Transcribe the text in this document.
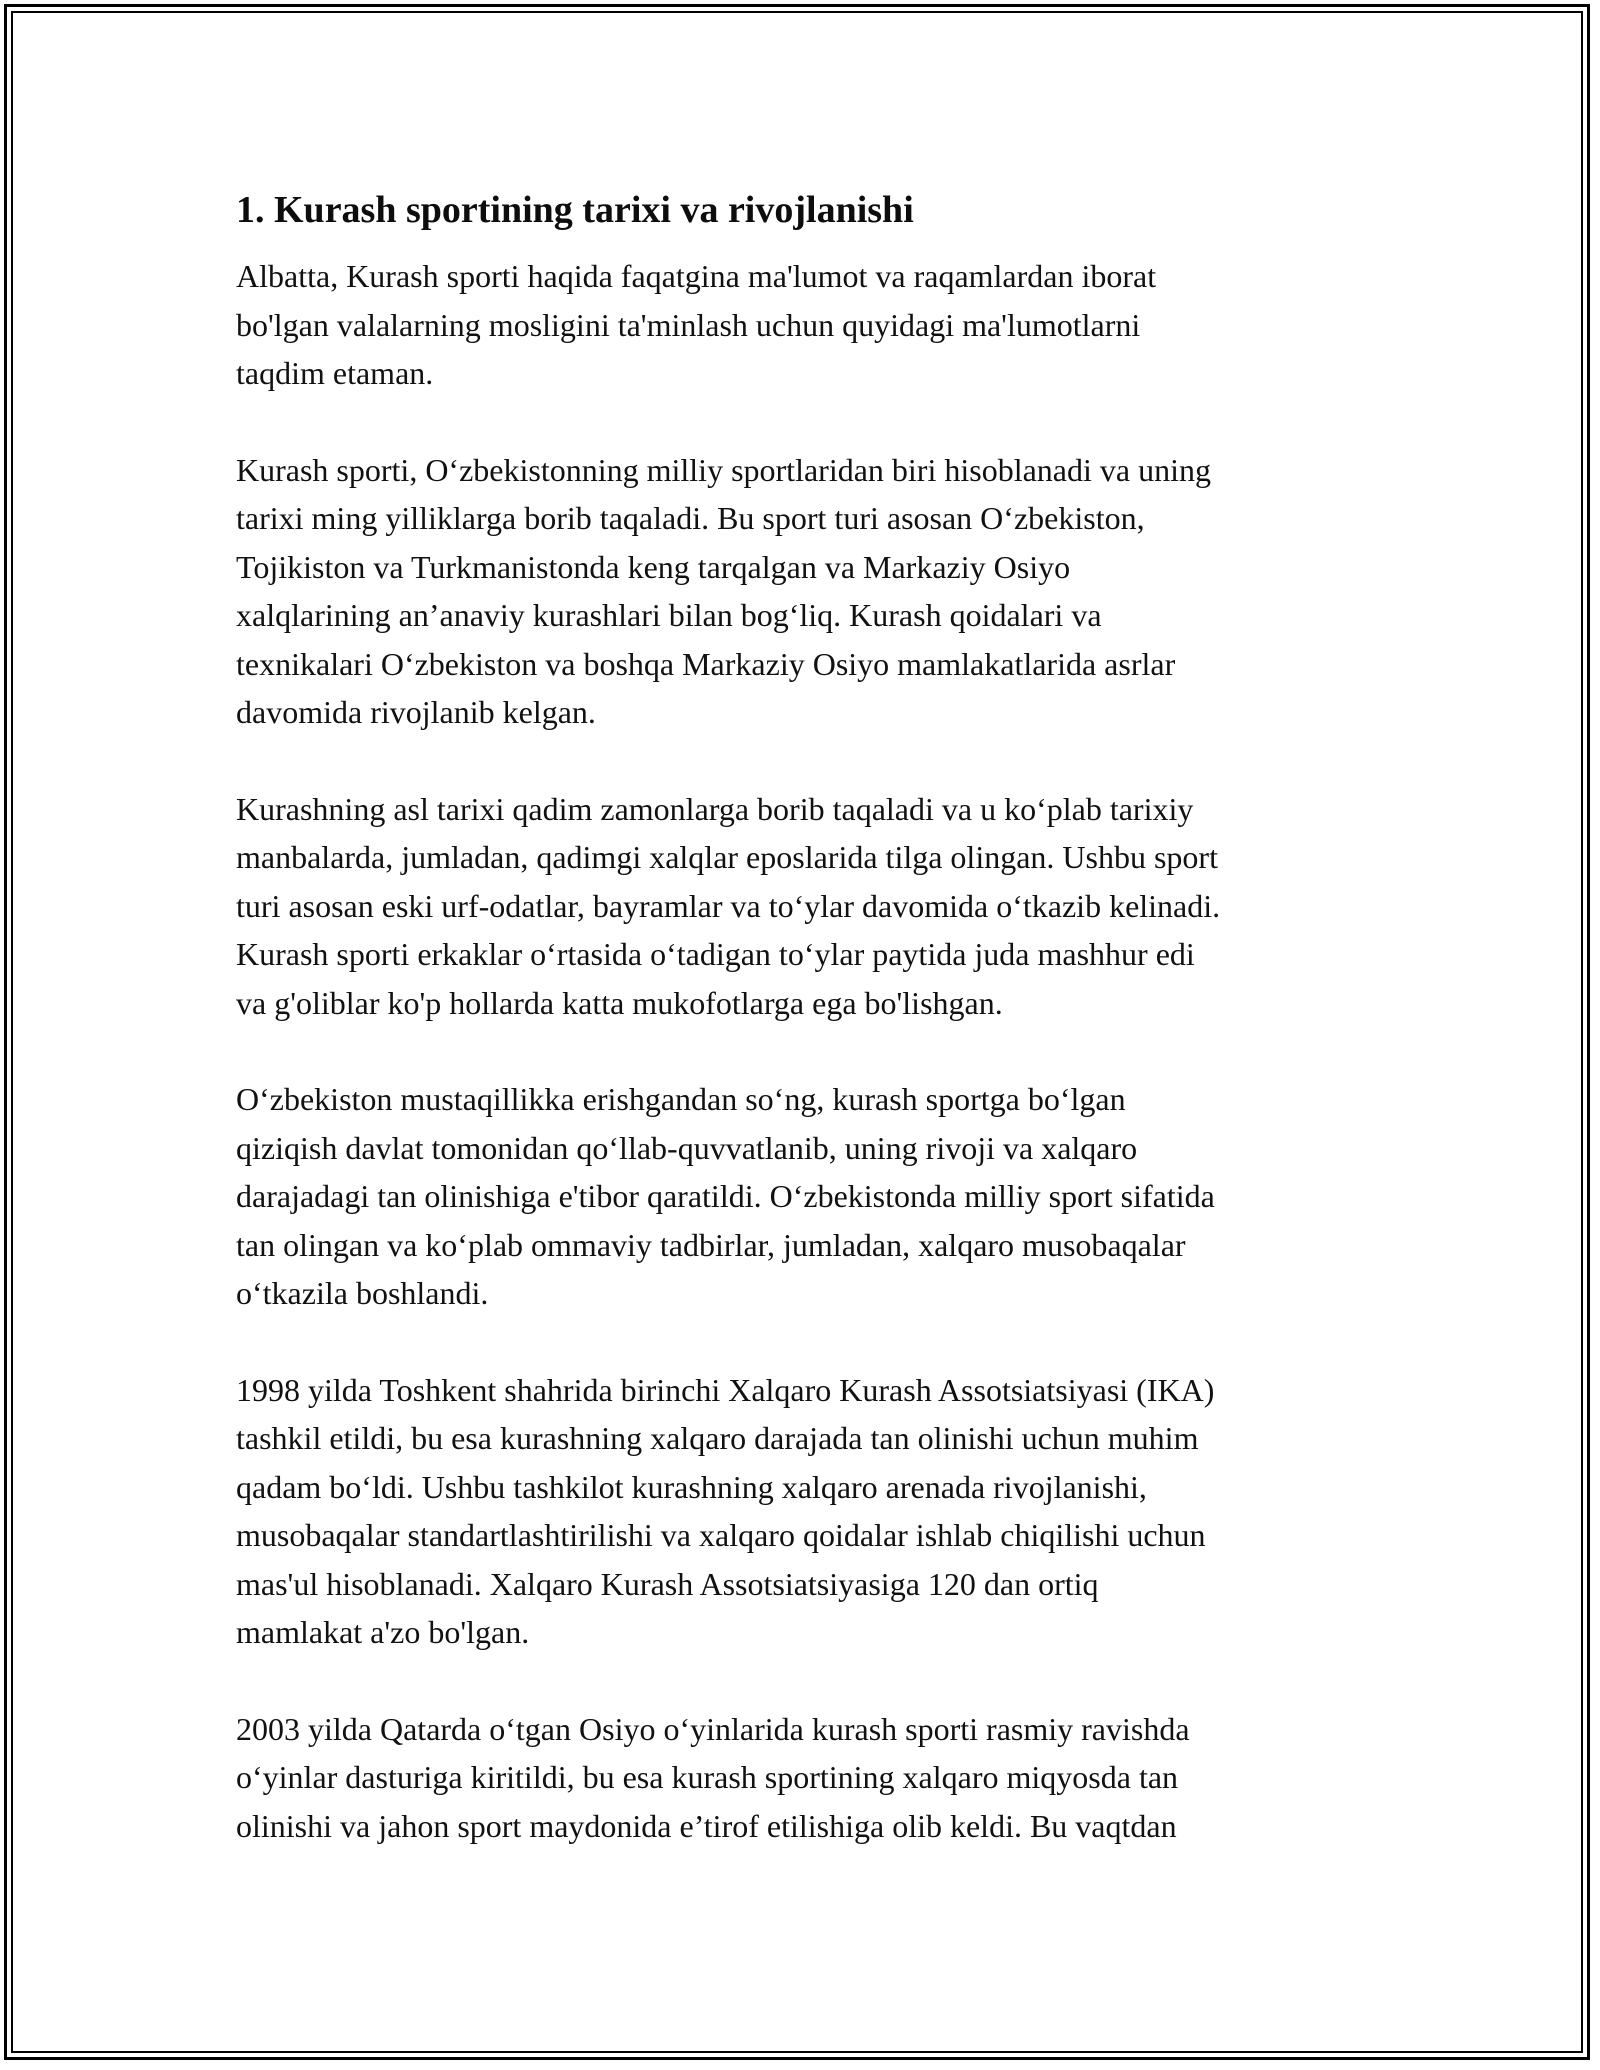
1. Kurash sportining tarixi va rivojlanishi

Albatta, Kurash sporti haqida faqatgina ma'lumot va raqamlardan iborat
bo'lgan valalarning mosligini ta'minlash uchun quyidagi ma'lumotlarni
taqdim etaman.

Kurash sporti, O‘zbekistonning milliy sportlaridan biri hisoblanadi va uning
tarixi ming yilliklarga borib taqaladi. Bu sport turi asosan O‘zbekiston,
Tojikiston va Turkmanistonda keng tarqalgan va Markaziy Osiyo
xalqlarining an’anaviy kurashlari bilan bog‘liq. Kurash qoidalari va
texnikalari O‘zbekiston va boshqa Markaziy Osiyo mamlakatlarida asrlar
davomida rivojlanib kelgan.

Kurashning asl tarixi qadim zamonlarga borib taqaladi va u ko‘plab tarixiy
manbalarda, jumladan, qadimgi xalqlar eposlarida tilga olingan. Ushbu sport
turi asosan eski urf-odatlar, bayramlar va to‘ylar davomida o‘tkazib kelinadi.
Kurash sporti erkaklar o‘rtasida o‘tadigan to‘ylar paytida juda mashhur edi
va g'oliblar ko'p hollarda katta mukofotlarga ega bo'lishgan.

O‘zbekiston mustaqillikka erishgandan so‘ng, kurash sportga bo‘lgan
qiziqish davlat tomonidan qo‘llab-quvvatlanib, uning rivoji va xalqaro
darajadagi tan olinishiga e'tibor qaratildi. O‘zbekistonda milliy sport sifatida
tan olingan va ko‘plab ommaviy tadbirlar, jumladan, xalqaro musobaqalar
o‘tkazila boshlandi.

1998 yilda Toshkent shahrida birinchi Xalqaro Kurash Assotsiatsiyasi (IKA)
tashkil etildi, bu esa kurashning xalqaro darajada tan olinishi uchun muhim
qadam bo‘ldi. Ushbu tashkilot kurashning xalqaro arenada rivojlanishi,
musobaqalar standartlashtirilishi va xalqaro qoidalar ishlab chiqilishi uchun
mas'ul hisoblanadi. Xalqaro Kurash Assotsiatsiyasiga 120 dan ortiq
mamlakat a'zo bo'lgan.

2003 yilda Qatarda o‘tgan Osiyo o‘yinlarida kurash sporti rasmiy ravishda
o‘yinlar dasturiga kiritildi, bu esa kurash sportining xalqaro miqyosda tan
olinishi va jahon sport maydonida e’tirof etilishiga olib keldi. Bu vaqtdan
